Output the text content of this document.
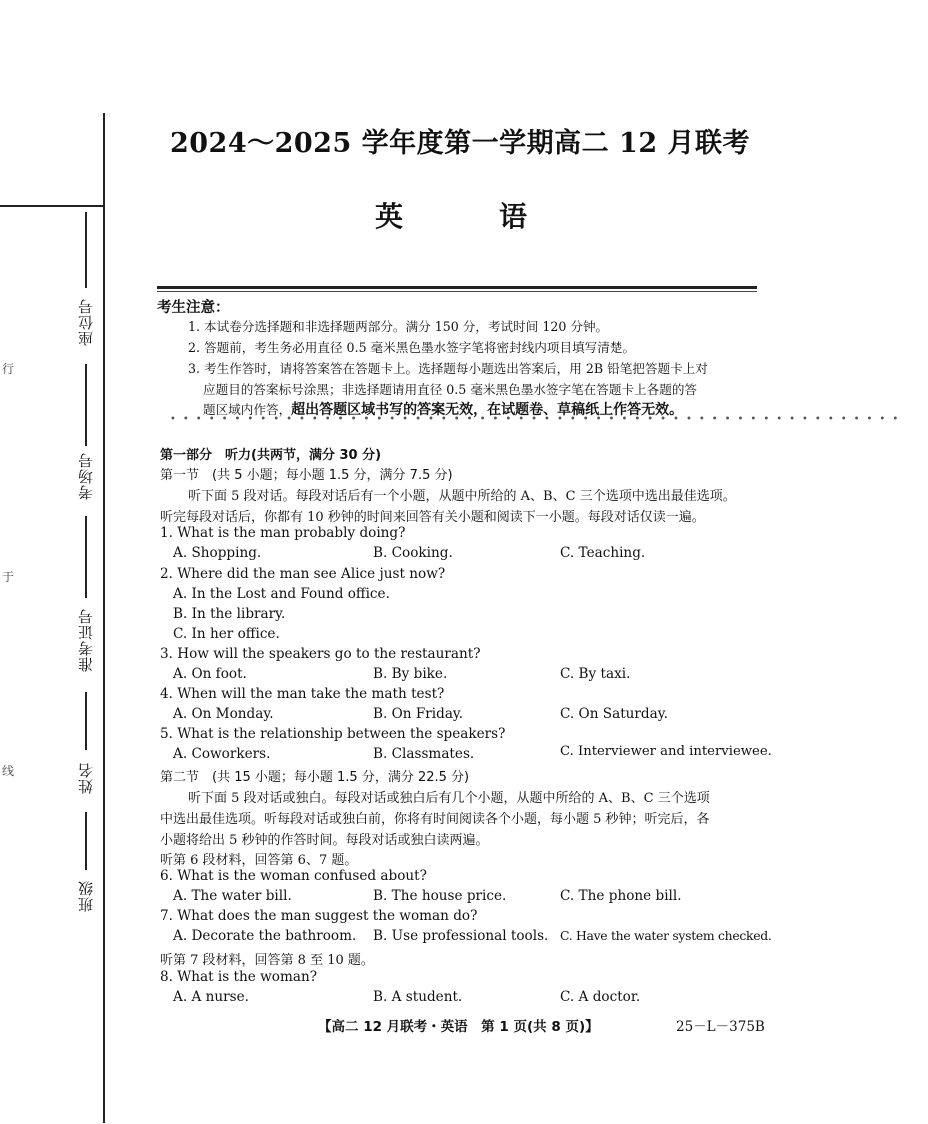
座位号
考场号
准考证号
姓名
班级
行
于
线
2024～2025 学年度第一学期高二 12 月联考
英　语
考生注意：
1. 本试卷分选择题和非选择题两部分。满分 150 分，考试时间 120 分钟。
2. 答题前，考生务必用直径 0.5 毫米黑色墨水签字笔将密封线内项目填写清楚。
3. 考生作答时，请将答案答在答题卡上。选择题每小题选出答案后，用 2B 铅笔把答题卡上对
应题目的答案标号涂黑；非选择题请用直径 0.5 毫米黑色墨水签字笔在答题卡上各题的答
题区域内作答，超出答题区域书写的答案无效，在试题卷、草稿纸上作答无效。
•••••••••••••••••••••••••••••••••••••••••••••••••••••••••
第一部分　听力(共两节，满分 30 分)
第一节　(共 5 小题；每小题 1.5 分，满分 7.5 分)
听下面 5 段对话。每段对话后有一个小题，从题中所给的 A、B、C 三个选项中选出最佳选项。
听完每段对话后，你都有 10 秒钟的时间来回答有关小题和阅读下一小题。每段对话仅读一遍。
1. What is the man probably doing?
A. Shopping.	B. Cooking.	C. Teaching.
2. Where did the man see Alice just now?
A. In the Lost and Found office.
B. In the library.
C. In her office.
3. How will the speakers go to the restaurant?
A. On foot.	B. By bike.	C. By taxi.
4. When will the man take the math test?
A. On Monday.	B. On Friday.	C. On Saturday.
5. What is the relationship between the speakers?
A. Coworkers.	B. Classmates.	C. Interviewer and interviewee.
第二节　(共 15 小题；每小题 1.5 分，满分 22.5 分)
听下面 5 段对话或独白。每段对话或独白后有几个小题，从题中所给的 A、B、C 三个选项
中选出最佳选项。听每段对话或独白前，你将有时间阅读各个小题，每小题 5 秒钟；听完后，各
小题将给出 5 秒钟的作答时间。每段对话或独白读两遍。
听第 6 段材料，回答第 6、7 题。
6. What is the woman confused about?
A. The water bill.	B. The house price.	C. The phone bill.
7. What does the man suggest the woman do?
A. Decorate the bathroom. B. Use professional tools. C. Have the water system checked.
听第 7 段材料，回答第 8 至 10 题。
8. What is the woman?
A. A nurse.	B. A student.	C. A doctor.
【高二 12 月联考・英语　第 1 页(共 8 页)】	25－L－375B
